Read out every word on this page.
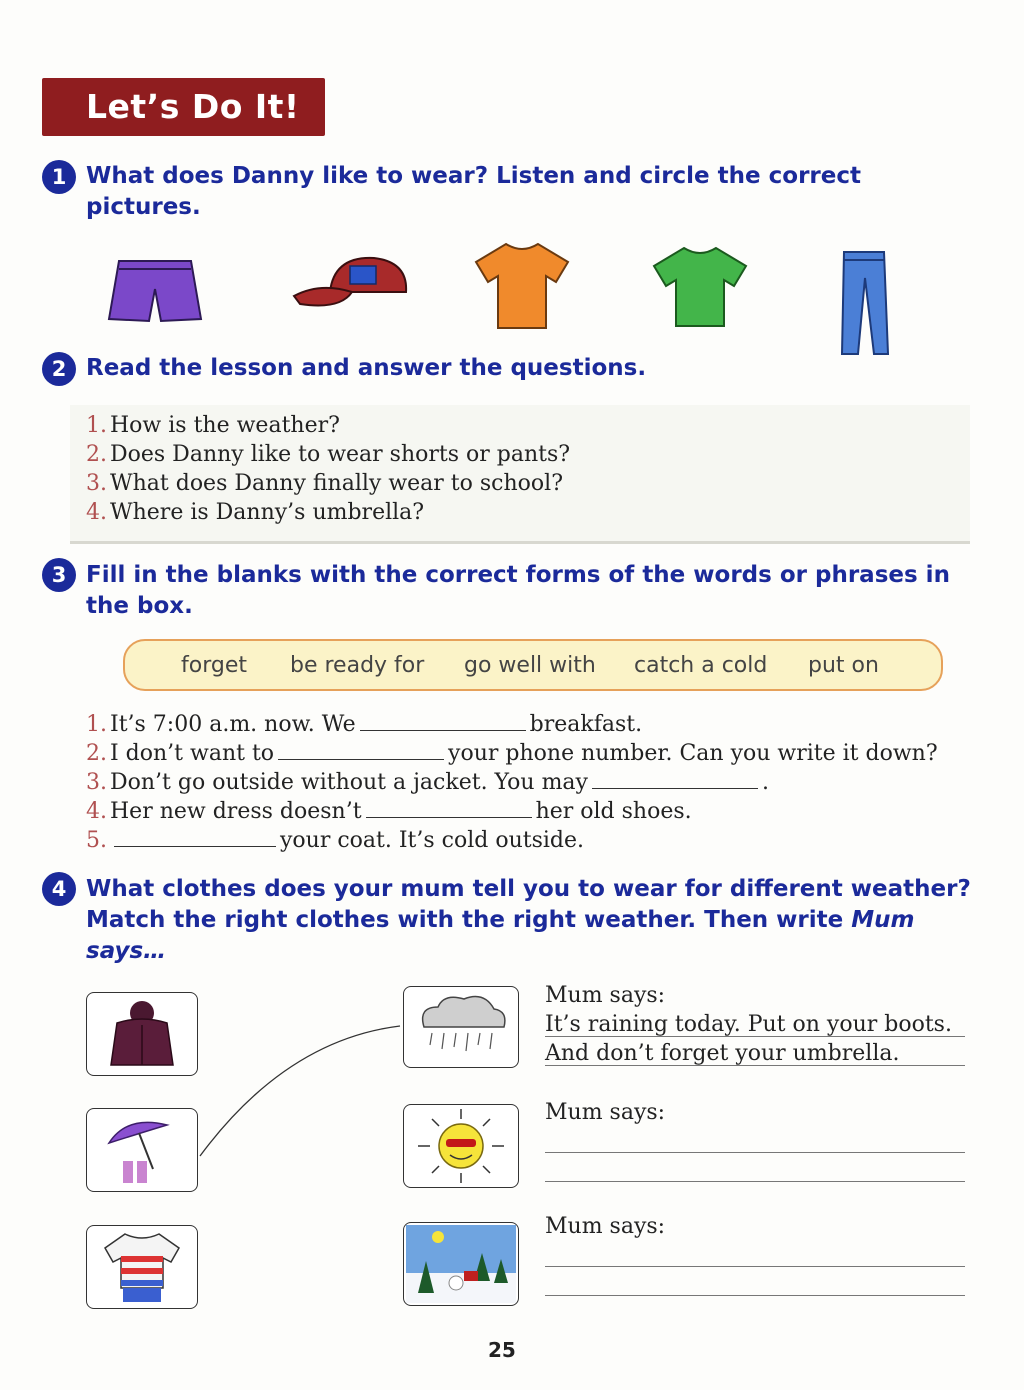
Let’s Do It!
1 What does Danny like to wear? Listen and circle the correct
pictures.
2 Read the lesson and answer the questions.
1. How is the weather?
2. Does Danny like to wear shorts or pants?
3. What does Danny finally wear to school?
4. Where is Danny’s umbrella?
3 Fill in the blanks with the correct forms of the words or phrases in
the box.
forget be ready for go well with catch a cold put on
1. It’s 7:00 a.m. now. We	breakfast.
2. I don’t want to	your phone number. Can you write it down?
3. Don’t go outside without a jacket. You may	.
4. Her new dress doesn’t	her old shoes.
5.	your coat. It’s cold outside.
4 What clothes does your mum tell you to wear for different weather?
Match the right clothes with the right weather. Then write Mum
says…
Mum says:
It’s raining today. Put on your boots.
And don’t forget your umbrella.
Mum says:
Mum says:
25
